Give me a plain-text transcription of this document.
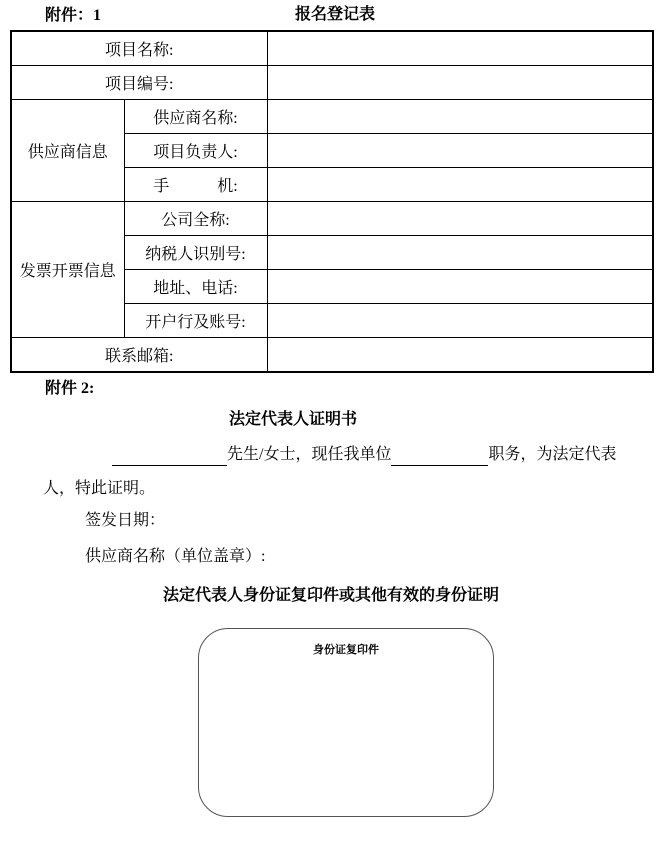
附件：1	报名登记表
项目名称:		
项目编号:		
供应商信息	供应商名称:	
	项目负责人:	
	手　　　机:	
发票开票信息	公司全称:	
	纳税人识别号:	
	地址、电话:	
	开户行及账号:	
联系邮箱:		
附件 2:
法定代表人证明书
先生/女士，现任我单位	职务，为法定代表
人，特此证明。
签发日期：
供应商名称（单位盖章）:
法定代表人身份证复印件或其他有效的身份证明
身份证复印件
